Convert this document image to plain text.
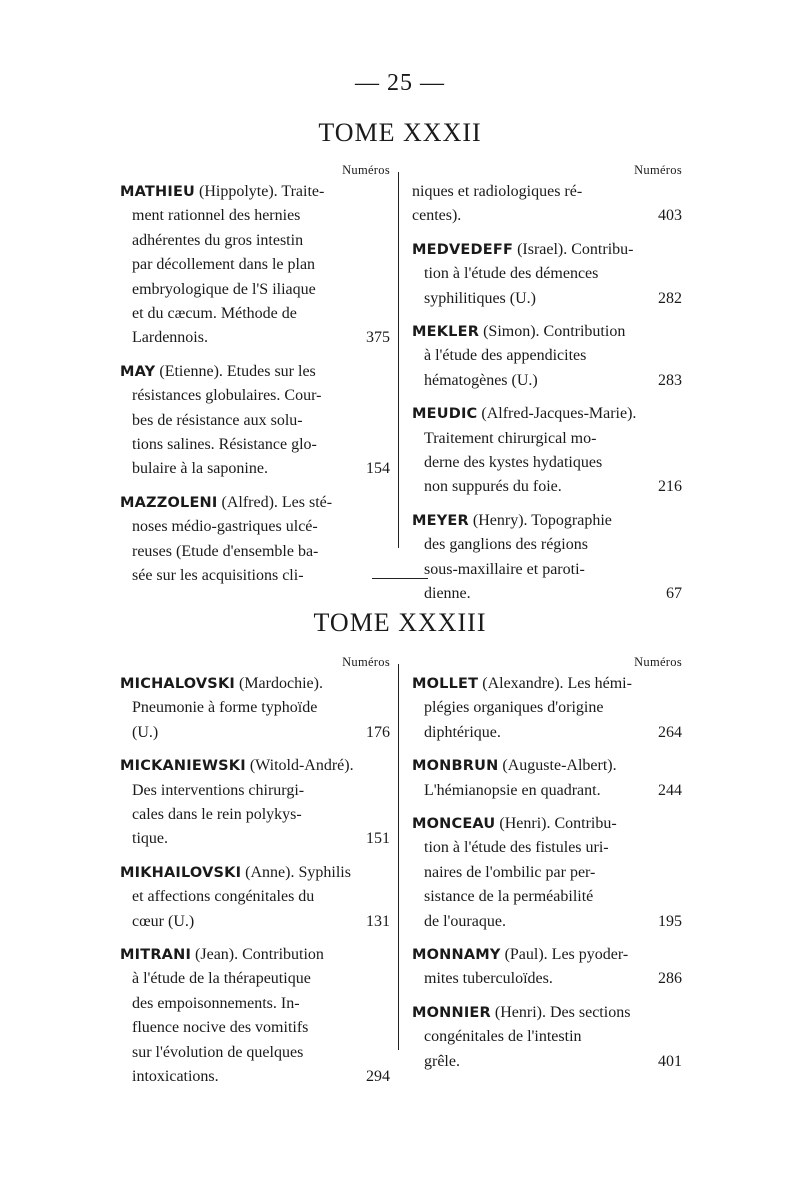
— 25 —
TOME XXXII
Numéros
MATHIEU (Hippolyte). Traite-
ment rationnel des hernies
adhérentes du gros intestin
par décollement dans le plan
embryologique de l'S iliaque
et du cæcum. Méthode de
Lardennois.	375
MAY (Etienne). Etudes sur les
résistances globulaires. Cour-
bes de résistance aux solu-
tions salines. Résistance glo-
bulaire à la saponine.	154
MAZZOLENI (Alfred). Les sté-
noses médio-gastriques ulcé-
reuses (Etude d'ensemble ba-
sée sur les acquisitions cli-
Numéros
niques et radiologiques ré-
centes).	403
MEDVEDEFF (Israel). Contribu-
tion à l'étude des démences
syphilitiques (U.)	282
MEKLER (Simon). Contribution
à l'étude des appendicites
hématogènes (U.)	283
MEUDIC (Alfred-Jacques-Marie).
Traitement chirurgical mo-
derne des kystes hydatiques
non suppurés du foie.	216
MEYER (Henry). Topographie
des ganglions des régions
sous-maxillaire et paroti-
dienne.	67
TOME XXXIII
Numéros
MICHALOVSKI (Mardochie).
Pneumonie à forme typhoïde
(U.)	176
MICKANIEWSKI (Witold-André).
Des interventions chirurgi-
cales dans le rein polykys-
tique.	151
MIKHAILOVSKI (Anne). Syphilis
et affections congénitales du
cœur (U.)	131
MITRANI (Jean). Contribution
à l'étude de la thérapeutique
des empoisonnements. In-
fluence nocive des vomitifs
sur l'évolution de quelques
intoxications.	294
Numéros
MOLLET (Alexandre). Les hémi-
plégies organiques d'origine
diphtérique.	264
MONBRUN (Auguste-Albert).
L'hémianopsie en quadrant.	244
MONCEAU (Henri). Contribu-
tion à l'étude des fistules uri-
naires de l'ombilic par per-
sistance de la perméabilité
de l'ouraque.	195
MONNAMY (Paul). Les pyoder-
mites tuberculoïdes.	286
MONNIER (Henri). Des sections
congénitales de l'intestin
grêle.	401
